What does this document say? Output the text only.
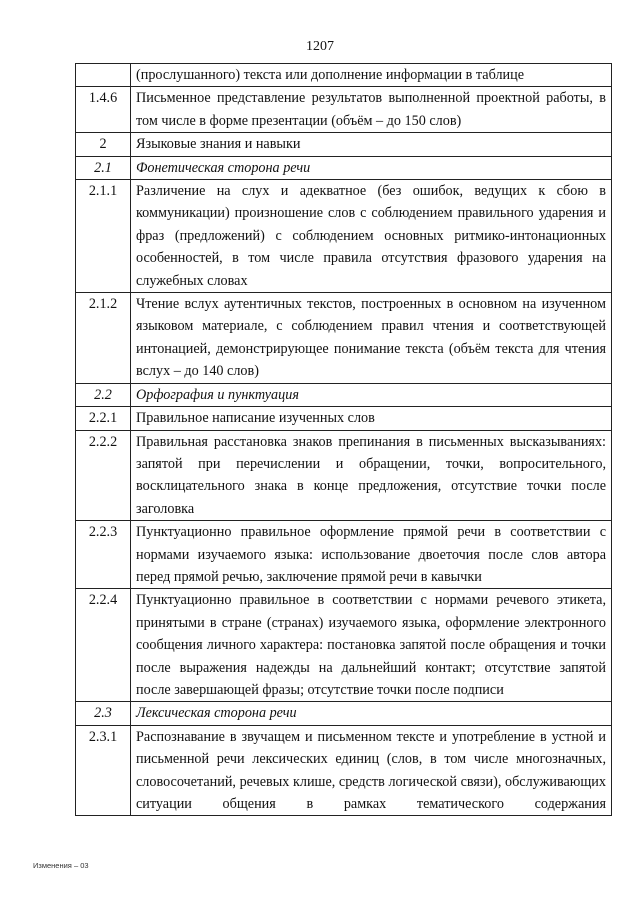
1207
	(прослушанного) текста или дополнение информации в таблице
1.4.6	Письменное представление результатов выполненной проектной работы, в том числе в форме презентации (объём – до 150 слов)
2	Языковые знания и навыки
2.1	Фонетическая сторона речи
2.1.1	Различение на слух и адекватное (без ошибок, ведущих к сбою в коммуникации) произношение слов с соблюдением правильного ударения и фраз (предложений) с соблюдением основных ритмико-интонационных особенностей, в том числе правила отсутствия фразового ударения на служебных словах
2.1.2	Чтение вслух аутентичных текстов, построенных в основном на изученном языковом материале, с соблюдением правил чтения и соответствующей интонацией, демонстрирующее понимание текста (объём текста для чтения вслух – до 140 слов)
2.2	Орфография и пунктуация
2.2.1	Правильное написание изученных слов
2.2.2	Правильная расстановка знаков препинания в письменных высказываниях: запятой при перечислении и обращении, точки, вопросительного, восклицательного знака в конце предложения, отсутствие точки после заголовка
2.2.3	Пунктуационно правильное оформление прямой речи в соответствии с нормами изучаемого языка: использование двоеточия после слов автора перед прямой речью, заключение прямой речи в кавычки
2.2.4	Пунктуационно правильное в соответствии с нормами речевого этикета, принятыми в стране (странах) изучаемого языка, оформление электронного сообщения личного характера: постановка запятой после обращения и точки после выражения надежды на дальнейший контакт; отсутствие запятой после завершающей фразы; отсутствие точки после подписи
2.3	Лексическая сторона речи
2.3.1	Распознавание в звучащем и письменном тексте и употребление в устной и письменной речи лексических единиц (слов, в том числе многозначных, словосочетаний, речевых клише, средств логической связи), обслуживающих ситуации общения в рамках тематического содержания
Изменения – 03
